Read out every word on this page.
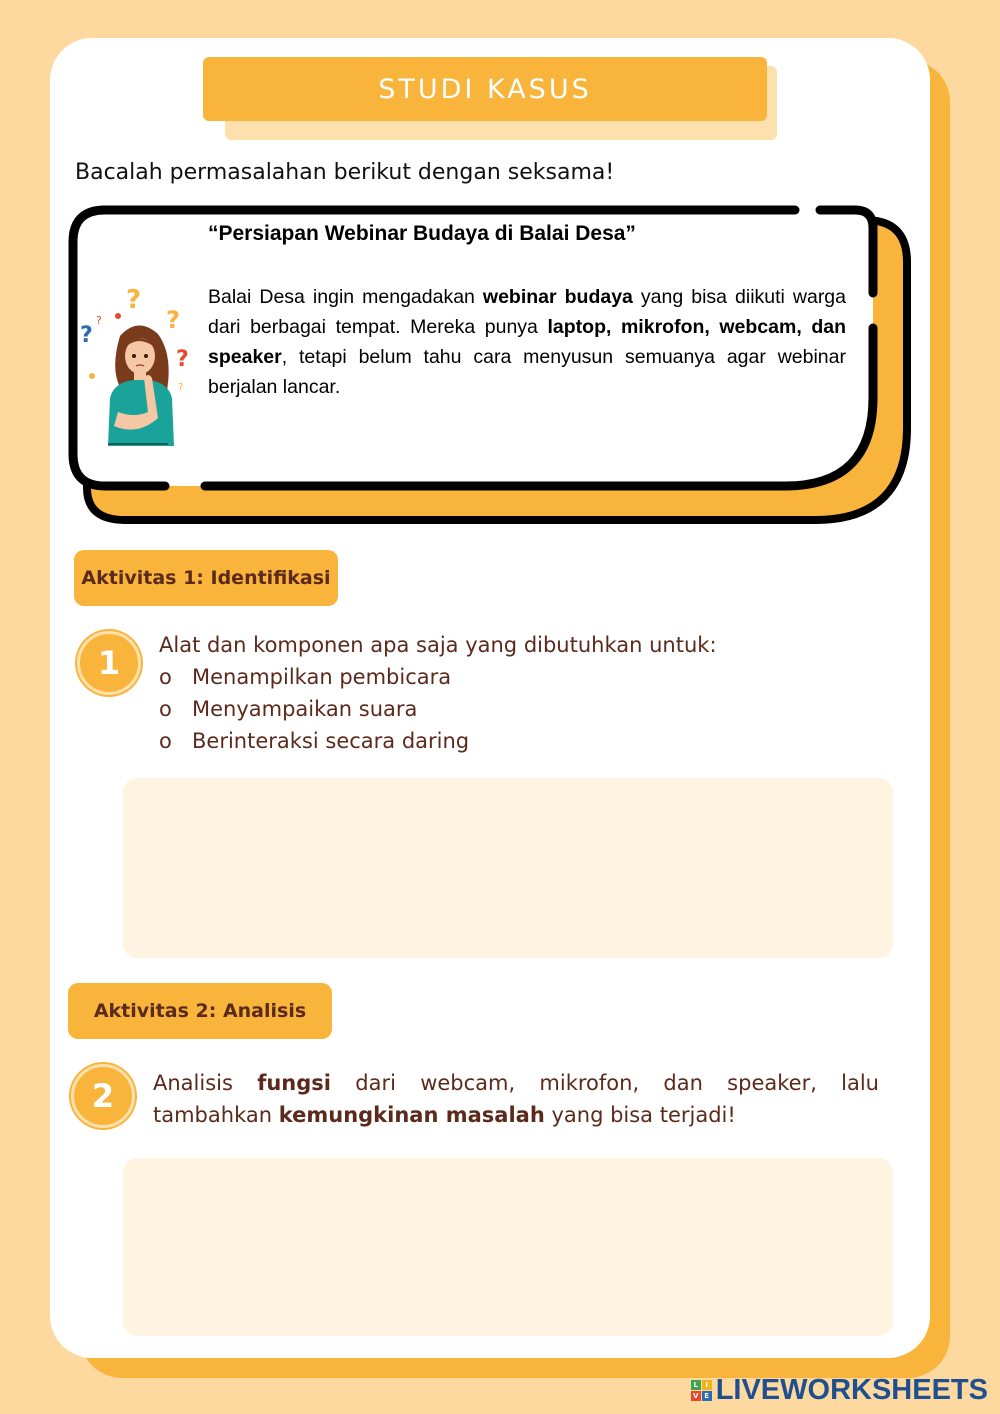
STUDI KASUS
Bacalah permasalahan berikut dengan seksama!
“Persiapan Webinar Budaya di Balai Desa”
Balai Desa ingin mengadakan webinar budaya yang bisa diikuti warga dari berbagai tempat. Mereka punya laptop, mikrofon, webcam, dan speaker, tetapi belum tahu cara menyusun semuanya agar webinar berjalan lancar.
?
?
?
?
?
?
Aktivitas 1: Identifikasi
1	Alat dan komponen apa saja yang dibutuhkan untuk:
o Menampilkan pembicara
o Menyampaikan suara
o Berinteraksi secara daring
Aktivitas 2: Analisis
2	Analisis fungsi dari webcam, mikrofon, dan speaker, lalu tambahkan kemungkinan masalah yang bisa terjadi!
L	I
V E LIVEWORKSHEETS
